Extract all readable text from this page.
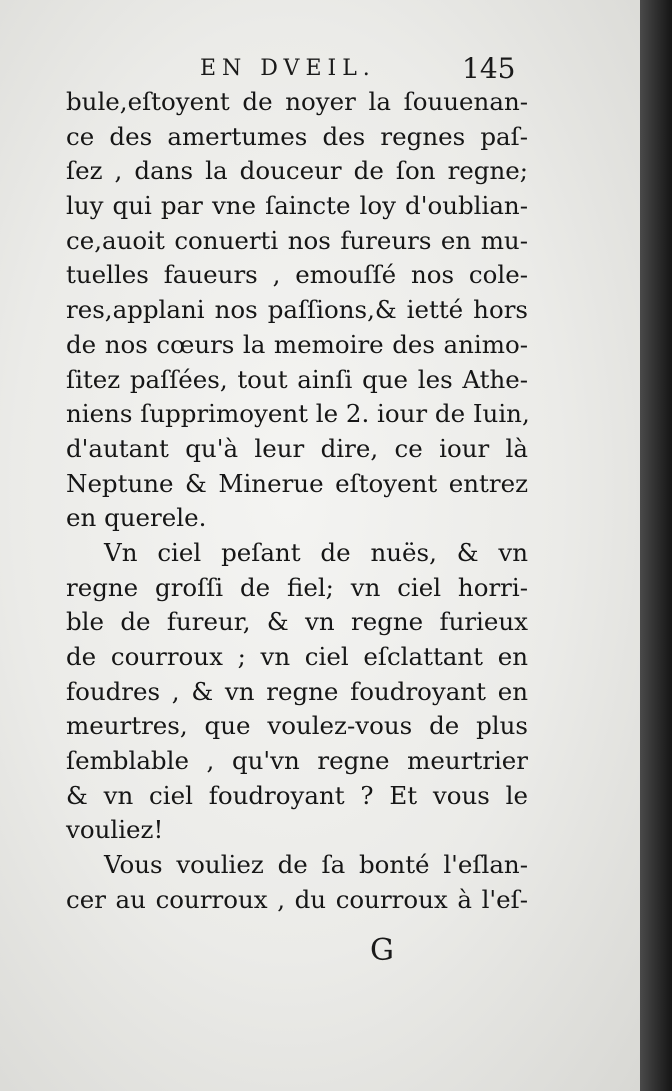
EN DVEIL.	145
bule,eſtoyent de noyer la ſouuenan-
ce des amertumes des regnes paſ-
ſez , dans la douceur de ſon regne;
luy qui par vne ſaincte loy d'oublian-
ce,auoit conuerti nos fureurs en mu-
tuelles faueurs , emouſſé nos cole-
res,applani nos paſſions,& ietté hors
de nos cœurs la memoire des animo-
ſitez paſſées, tout ainſi que les Athe-
niens ſupprimoyent le 2. iour de Iuin,
d'autant qu'à leur dire, ce iour là
Neptune & Minerue eſtoyent entrez
en querele.
Vn ciel peſant de nuës, & vn
regne groſſi de fiel; vn ciel horri-
ble de fureur, & vn regne furieux
de courroux ; vn ciel eſclattant en
foudres , & vn regne foudroyant en
meurtres, que voulez-vous de plus
ſemblable , qu'vn regne meurtrier
& vn ciel foudroyant ? Et vous le
vouliez!
Vous vouliez de ſa bonté l'eſlan-
cer au courroux , du courroux à l'eſ-
G
